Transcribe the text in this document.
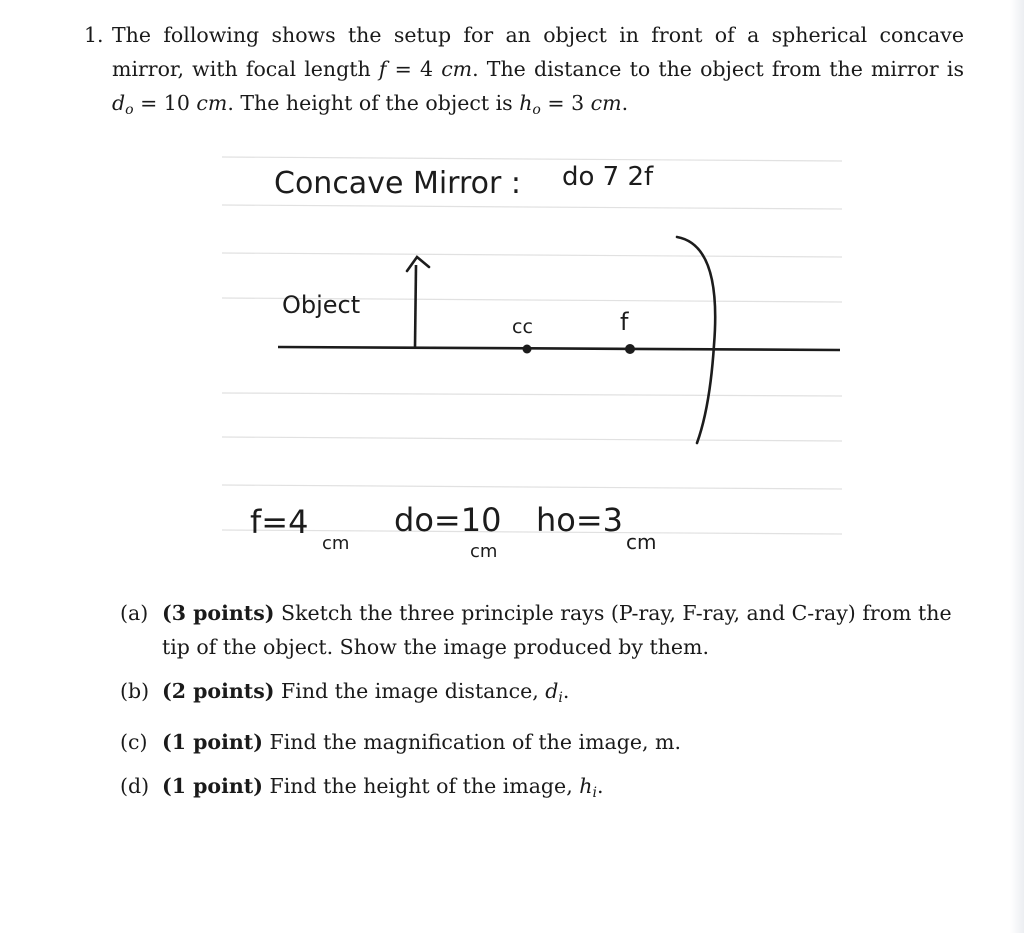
1. The following shows the setup for an object in front of a spherical concave mirror, with focal length f = 4 cm. The distance to the object from the mirror is $d_o = 10$ cm. The height of the object is $h_o = 3$ cm.
Concave Mirror : do 7 2f
Object
cc	f
f=4
cm
do=10
cm
ho=3
cm
(a) (3 points) Sketch the three principle rays (P-ray, F-ray, and C-ray) from the tip of the object. Show the image produced by them.
(b) (2 points) Find the image distance, $d_i$.
(c) (1 point) Find the magnification of the image, m.
(d) (1 point) Find the height of the image, $h_i$.
